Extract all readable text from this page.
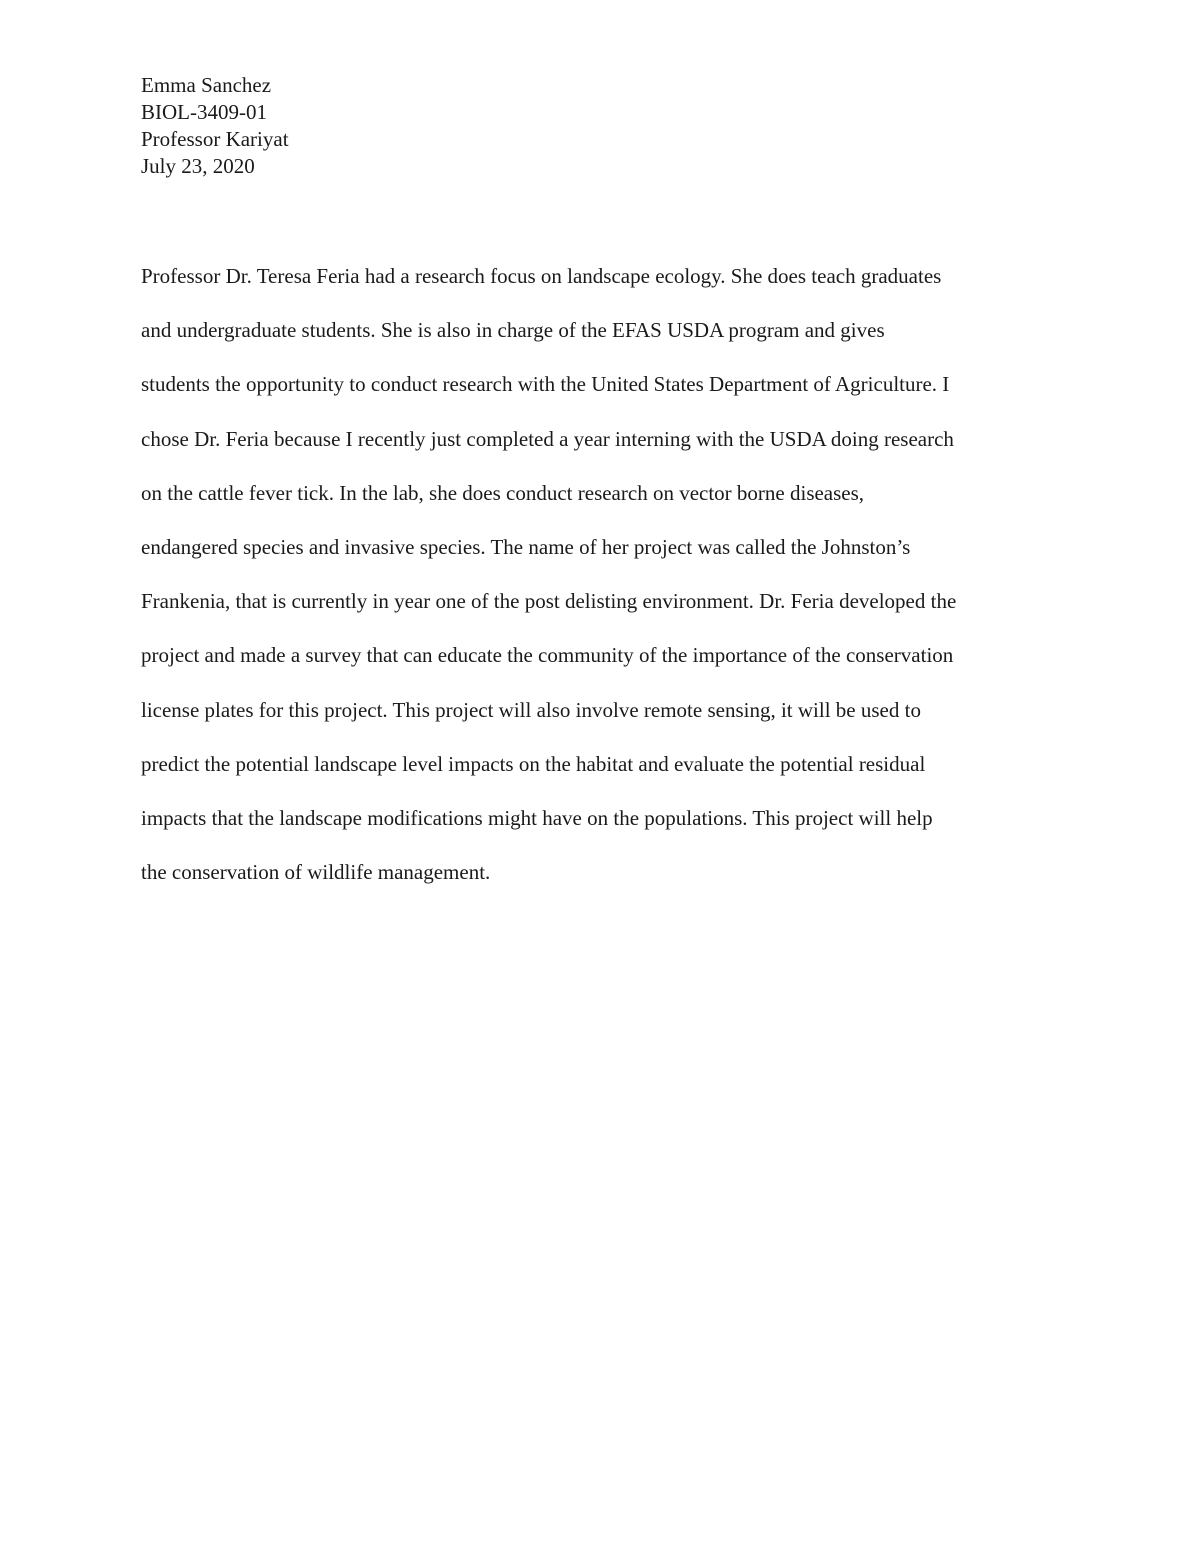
Emma Sanchez
BIOL-3409-01
Professor Kariyat
July 23, 2020
Professor Dr. Teresa Feria had a research focus on landscape ecology. She does teach graduates
and undergraduate students. She is also in charge of the EFAS USDA program and gives
students the opportunity to conduct research with the United States Department of Agriculture. I
chose Dr. Feria because I recently just completed a year interning with the USDA doing research
on the cattle fever tick. In the lab, she does conduct research on vector borne diseases,
endangered species and invasive species. The name of her project was called the Johnston’s
Frankenia, that is currently in year one of the post delisting environment. Dr. Feria developed the
project and made a survey that can educate the community of the importance of the conservation
license plates for this project. This project will also involve remote sensing, it will be used to
predict the potential landscape level impacts on the habitat and evaluate the potential residual
impacts that the landscape modifications might have on the populations. This project will help
the conservation of wildlife management.
